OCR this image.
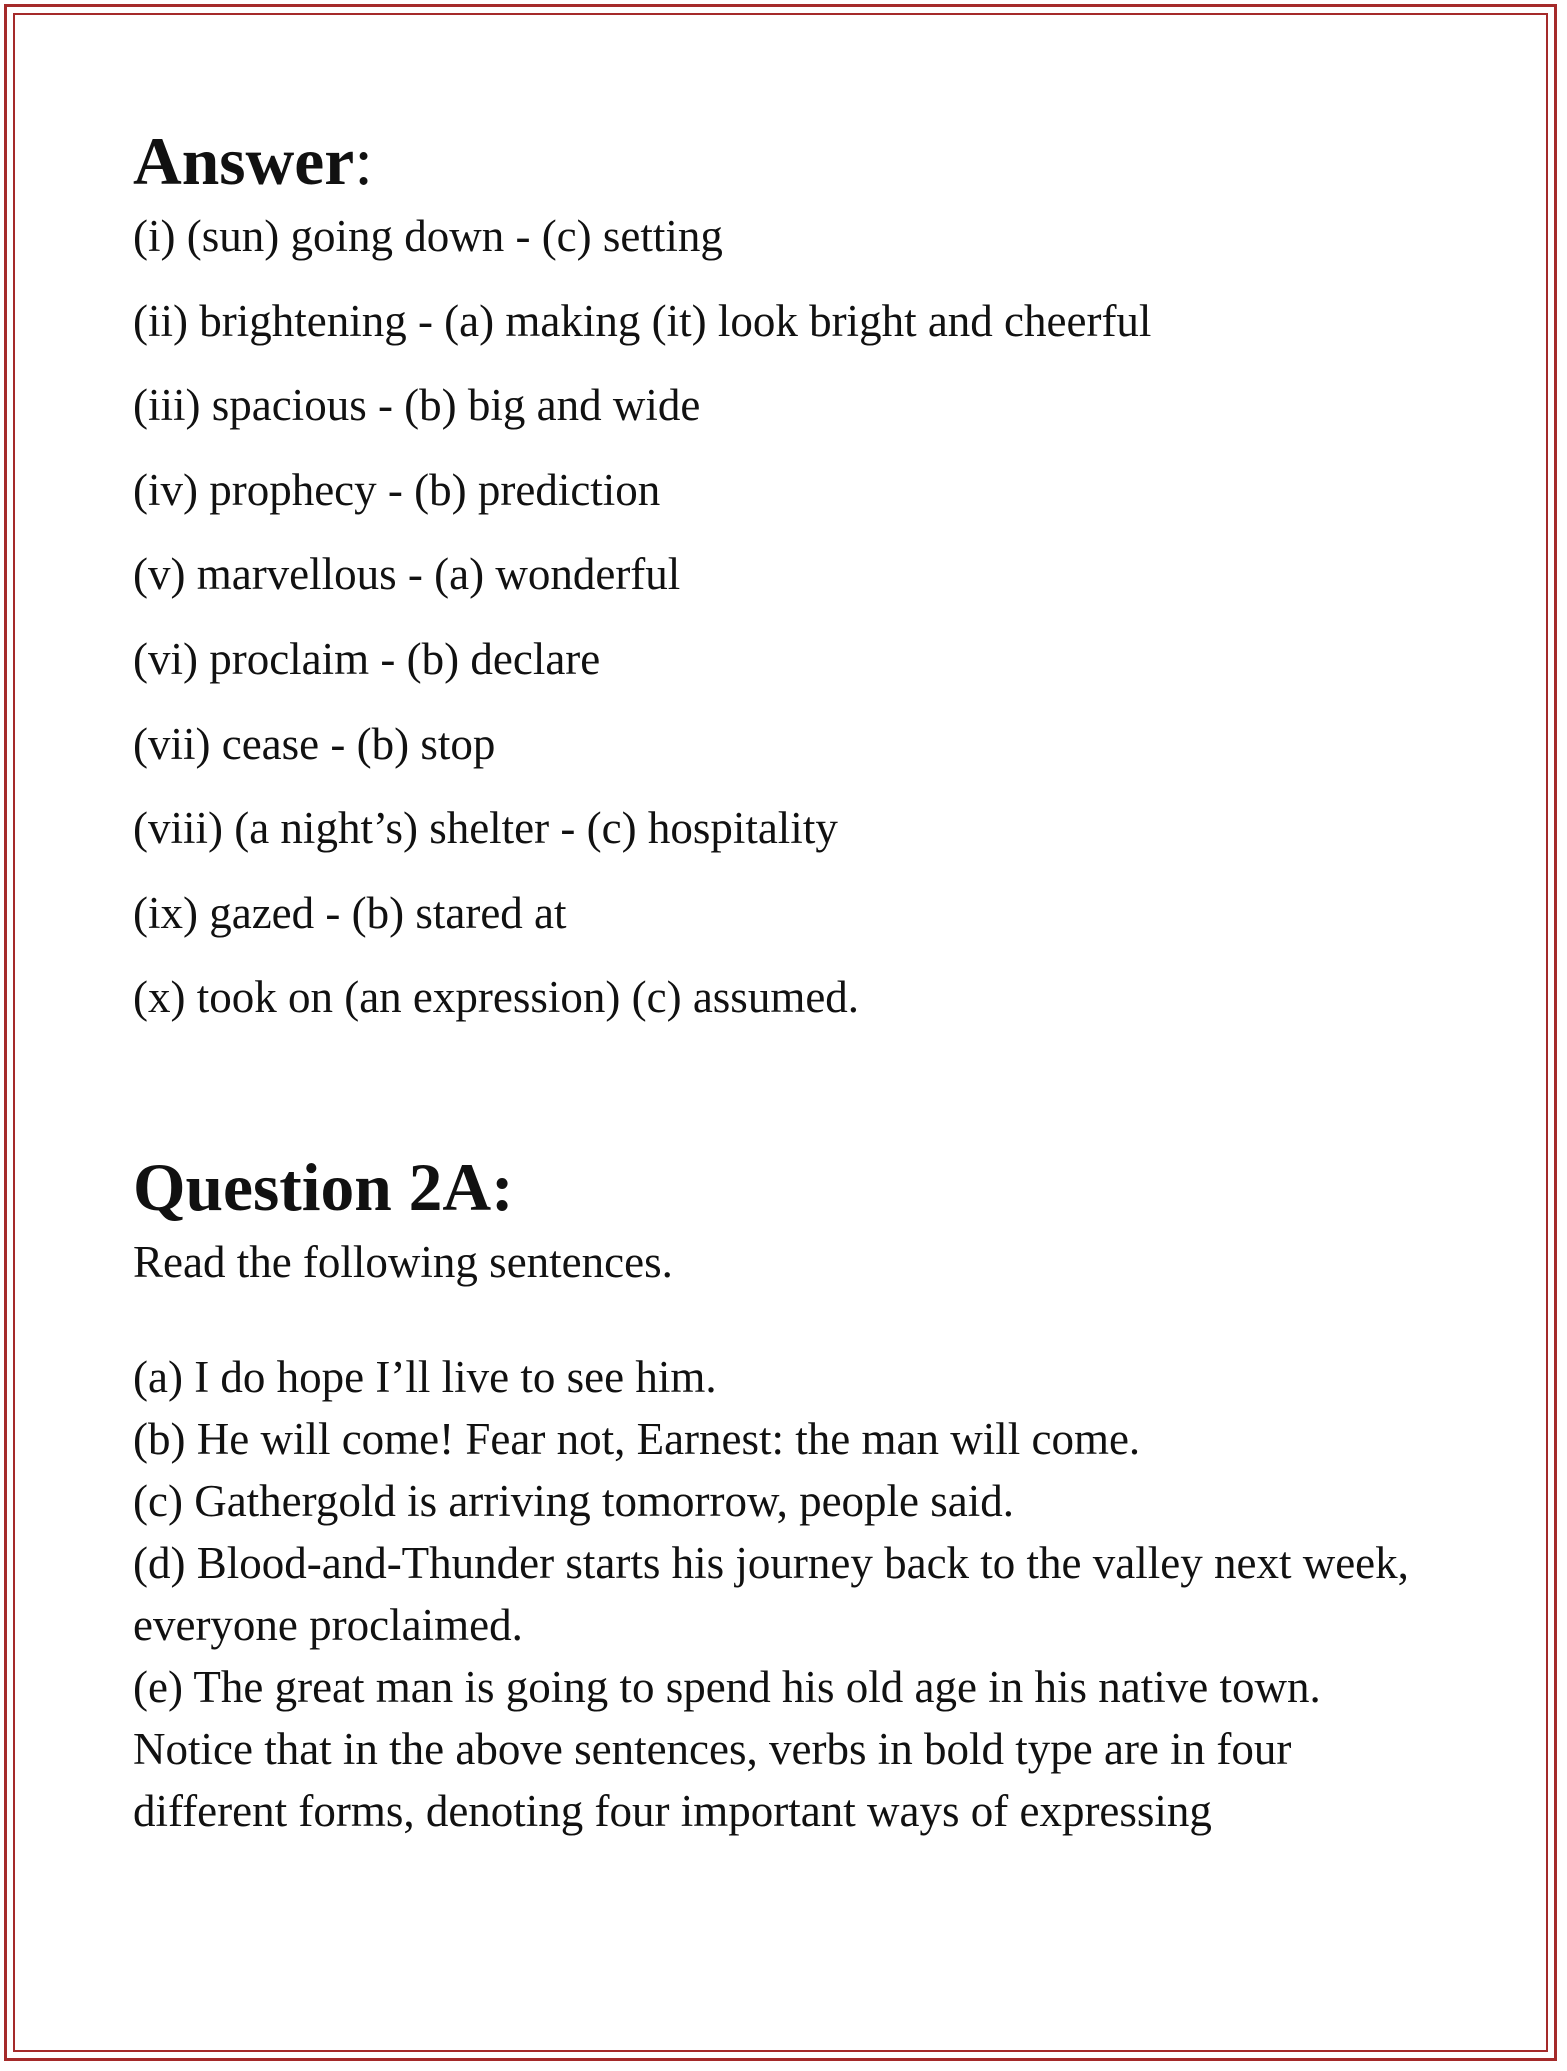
Answer:
(i) (sun) going down - (c) setting
(ii) brightening - (a) making (it) look bright and cheerful
(iii) spacious - (b) big and wide
(iv) prophecy - (b) prediction
(v) marvellous - (a) wonderful
(vi) proclaim - (b) declare
(vii) cease - (b) stop
(viii) (a night’s) shelter - (c) hospitality
(ix) gazed - (b) stared at
(x) took on (an expression) (c) assumed.
Question 2A:

Read the following sentences.

(a) I do hope I’ll live to see him.

(b) He will come! Fear not, Earnest: the man will come.

(c) Gathergold is arriving tomorrow, people said.

(d) Blood-and-Thunder starts his journey back to the valley next week, everyone proclaimed.

(e) The great man is going to spend his old age in his native town.

Notice that in the above sentences, verbs in bold type are in four different forms, denoting four important ways of expressing
